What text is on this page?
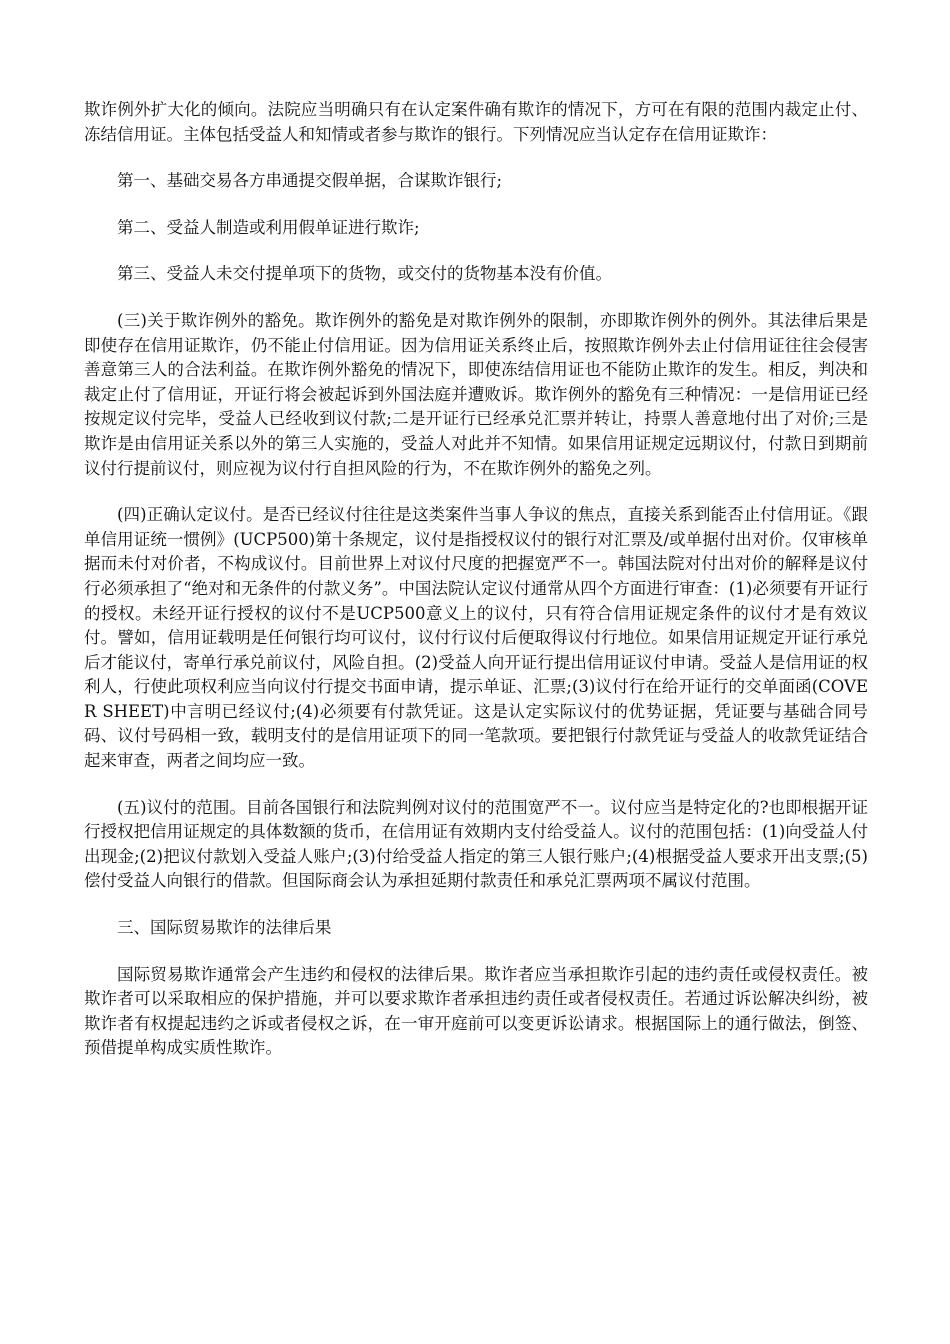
欺诈例外扩大化的倾向。法院应当明确只有在认定案件确有欺诈的情况下，方可在有限的范围内裁定止付、冻结信用证。主体包括受益人和知情或者参与欺诈的银行。下列情况应当认定存在信用证欺诈：

第一、基础交易各方串通提交假单据，合谋欺诈银行;

第二、受益人制造或利用假单证进行欺诈;

第三、受益人未交付提单项下的货物，或交付的货物基本没有价值。

(三)关于欺诈例外的豁免。欺诈例外的豁免是对欺诈例外的限制，亦即欺诈例外的例外。其法律后果是即使存在信用证欺诈，仍不能止付信用证。因为信用证关系终止后，按照欺诈例外去止付信用证往往会侵害善意第三人的合法利益。在欺诈例外豁免的情况下，即使冻结信用证也不能防止欺诈的发生。相反，判决和裁定止付了信用证，开证行将会被起诉到外国法庭并遭败诉。欺诈例外的豁免有三种情况：一是信用证已经按规定议付完毕，受益人已经收到议付款;二是开证行已经承兑汇票并转让，持票人善意地付出了对价;三是欺诈是由信用证关系以外的第三人实施的，受益人对此并不知情。如果信用证规定远期议付，付款日到期前议付行提前议付，则应视为议付行自担风险的行为，不在欺诈例外的豁免之列。

(四)正确认定议付。是否已经议付往往是这类案件当事人争议的焦点，直接关系到能否止付信用证。《跟单信用证统一惯例》(UCP500)第十条规定，议付是指授权议付的银行对汇票及/或单据付出对价。仅审核单据而未付对价者，不构成议付。目前世界上对议付尺度的把握宽严不一。韩国法院对付出对价的解释是议付行必须承担了“绝对和无条件的付款义务”。中国法院认定议付通常从四个方面进行审查：(1)必须要有开证行的授权。未经开证行授权的议付不是UCP500意义上的议付，只有符合信用证规定条件的议付才是有效议付。譬如，信用证载明是任何银行均可议付，议付行议付后便取得议付行地位。如果信用证规定开证行承兑后才能议付，寄单行承兑前议付，风险自担。(2)受益人向开证行提出信用证议付申请。受益人是信用证的权利人，行使此项权利应当向议付行提交书面申请，提示单证、汇票;(3)议付行在给开证行的交单面函(COVER SHEET)中言明已经议付;(4)必须要有付款凭证。这是认定实际议付的优势证据，凭证要与基础合同号码、议付号码相一致，载明支付的是信用证项下的同一笔款项。要把银行付款凭证与受益人的收款凭证结合起来审查，两者之间均应一致。

(五)议付的范围。目前各国银行和法院判例对议付的范围宽严不一。议付应当是特定化的?也即根据开证行授权把信用证规定的具体数额的货币，在信用证有效期内支付给受益人。议付的范围包括：(1)向受益人付出现金;(2)把议付款划入受益人账户;(3)付给受益人指定的第三人银行账户;(4)根据受益人要求开出支票;(5)偿付受益人向银行的借款。但国际商会认为承担延期付款责任和承兑汇票两项不属议付范围。

三、国际贸易欺诈的法律后果

国际贸易欺诈通常会产生违约和侵权的法律后果。欺诈者应当承担欺诈引起的违约责任或侵权责任。被欺诈者可以采取相应的保护措施，并可以要求欺诈者承担违约责任或者侵权责任。若通过诉讼解决纠纷，被欺诈者有权提起违约之诉或者侵权之诉，在一审开庭前可以变更诉讼请求。根据国际上的通行做法，倒签、预借提单构成实质性欺诈。
